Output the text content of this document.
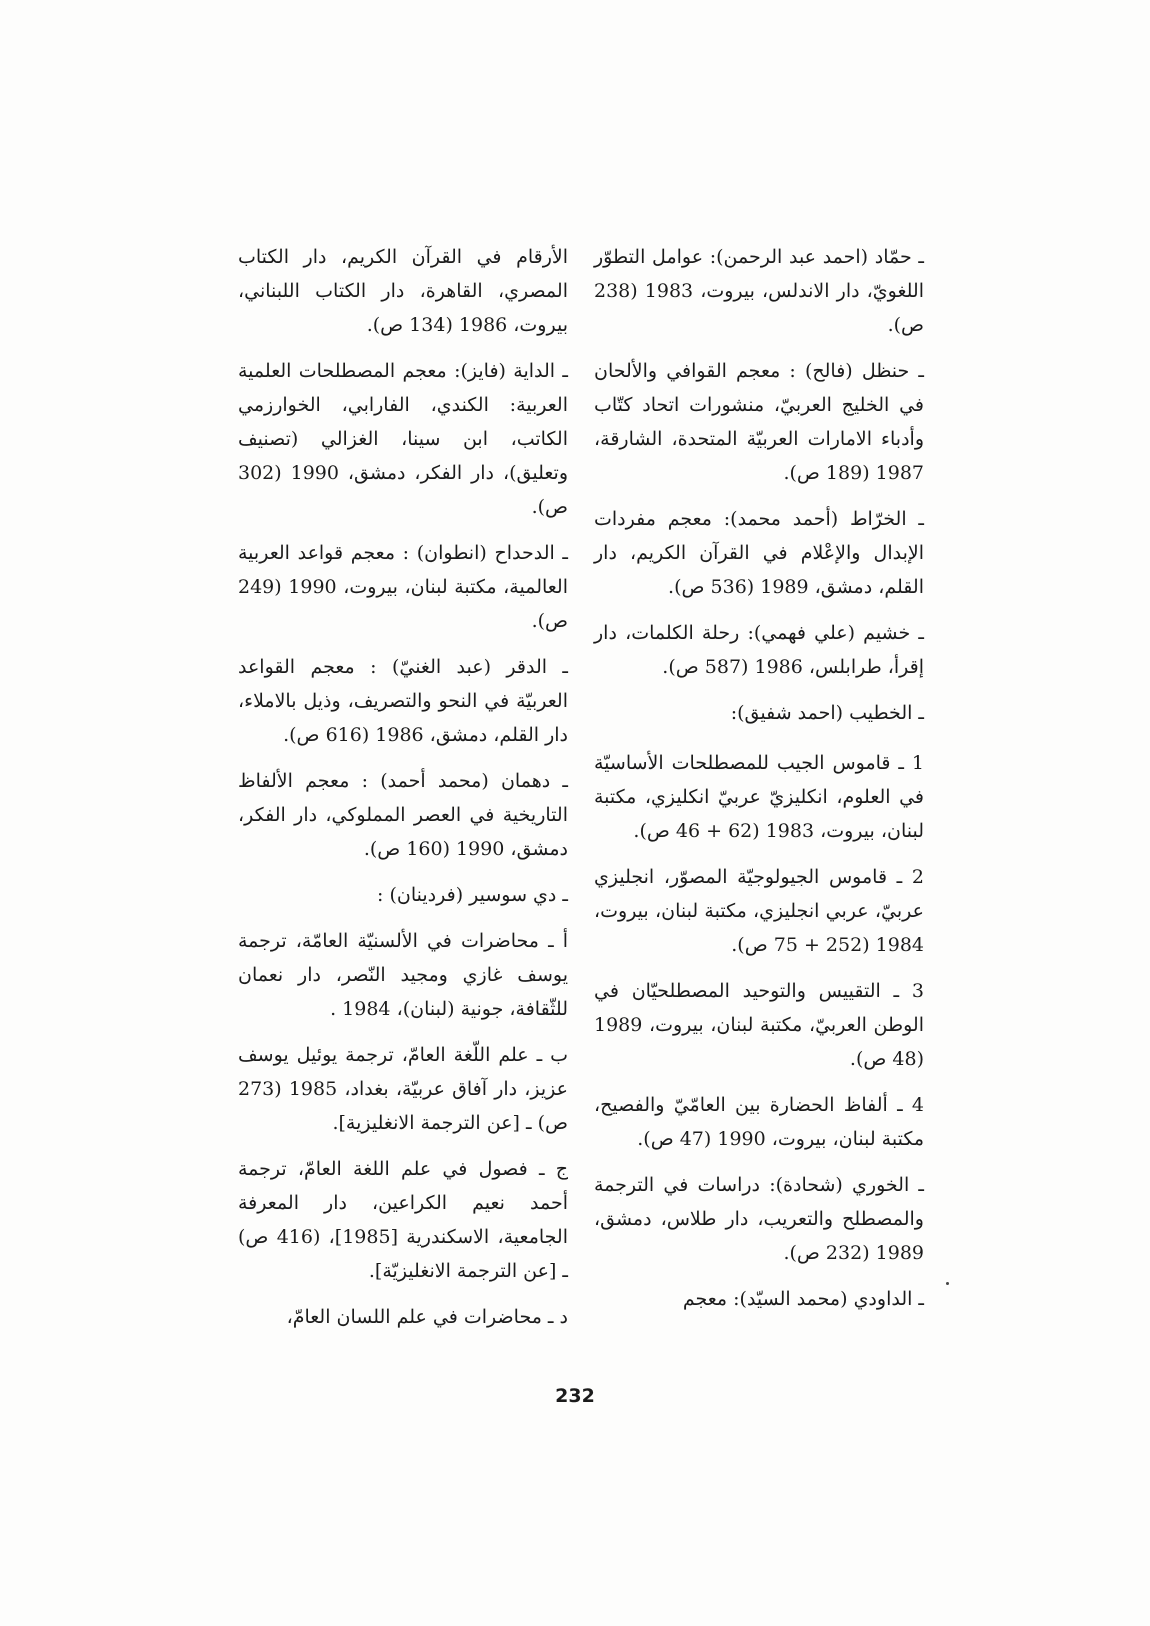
ـ حمّاد (احمد عبد الرحمن): عوامل التطوّر اللغويّ، دار الاندلس، بيروت، 1983 (238 ص).

ـ حنظل (فالح) : معجم القوافي والألحان في الخليج العربيّ، منشورات اتحاد كتّاب وأدباء الامارات العربيّة المتحدة، الشارقة، 1987 (189 ص).

ـ الخرّاط (أحمد محمد): معجم مفردات الإبدال والإعْلام في القرآن الكريم، دار القلم، دمشق، 1989 (536 ص).

ـ خشيم (علي فهمي): رحلة الكلمات، دار إقرأ، طرابلس، 1986 (587 ص).

ـ الخطيب (احمد شفيق):

1 ـ قاموس الجيب للمصطلحات الأساسيّة في العلوم، انكليزيّ عربيّ انكليزي، مكتبة لبنان، بيروت، 1983 (62 + 46 ص).

2 ـ قاموس الجيولوجيّة المصوّر، انجليزي عربيّ، عربي انجليزي، مكتبة لبنان، بيروت، 1984 (252 + 75 ص).

3 ـ التقييس والتوحيد المصطلحيّان في الوطن العربيّ، مكتبة لبنان، بيروت، 1989 (48 ص).

4 ـ ألفاظ الحضارة بين العامّيّ والفصيح، مكتبة لبنان، بيروت، 1990 (47 ص).

ـ الخوري (شحادة): دراسات في الترجمة والمصطلح والتعريب، دار طلاس، دمشق، 1989 (232 ص).

ـ الداودي (محمد السيّد): معجم

الأرقام في القرآن الكريم، دار الكتاب المصري، القاهرة، دار الكتاب اللبناني، بيروت، 1986 (134 ص).

ـ الداية (فايز): معجم المصطلحات العلمية العربية: الكندي، الفارابي، الخوارزمي الكاتب، ابن سينا، الغزالي (تصنيف وتعليق)، دار الفكر، دمشق، 1990 (302 ص).

ـ الدحداح (انطوان) : معجم قواعد العربية العالمية، مكتبة لبنان، بيروت، 1990 (249 ص).

ـ الدقر (عبد الغنيّ) : معجم القواعد العربيّة في النحو والتصريف، وذيل بالاملاء، دار القلم، دمشق، 1986 (616 ص).

ـ دهمان (محمد أحمد) : معجم الألفاظ التاريخية في العصر المملوكي، دار الفكر، دمشق، 1990 (160 ص).

ـ دي سوسير (فردينان) :

أ ـ محاضرات في الألسنيّة العامّة، ترجمة يوسف غازي ومجيد النّصر، دار نعمان للثّقافة، جونية (لبنان)، 1984 .

ب ـ علم اللّغة العامّ، ترجمة يوئيل يوسف عزيز، دار آفاق عربيّة، بغداد، 1985 (273 ص) ـ [عن الترجمة الانغليزية].

ج ـ فصول في علم اللغة العامّ، ترجمة أحمد نعيم الكراعين، دار المعرفة الجامعية، الاسكندرية [1985]، (416 ص) ـ [عن الترجمة الانغليزيّة].

د ـ محاضرات في علم اللسان العامّ،

232
